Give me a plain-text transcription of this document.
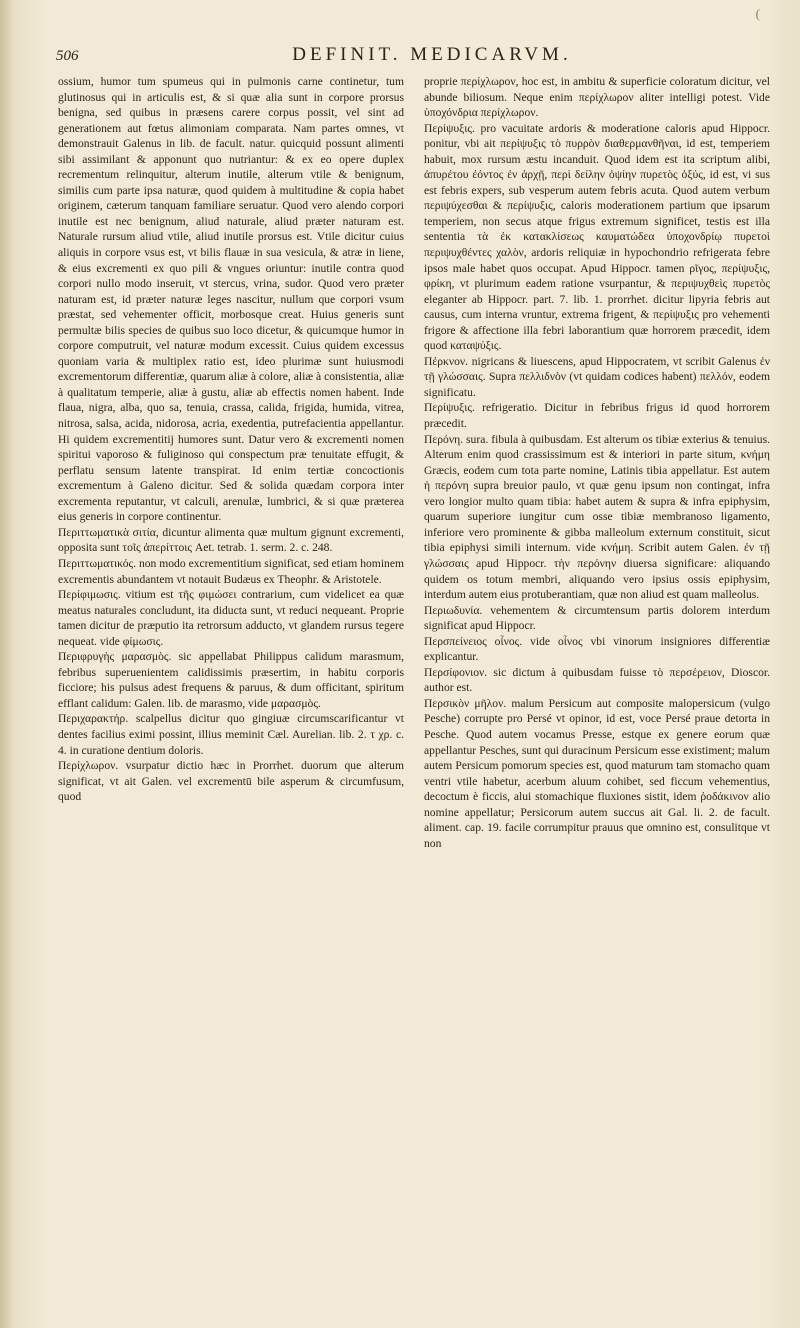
(
506	DEFINIT. MEDICARVM.

ossium, humor tum spumeus qui in pulmonis carne continetur, tum glutinosus qui in articulis est, & si quæ alia sunt in corpore prorsus benigna, sed quibus in præsens carere corpus possit, vel sint ad generationem aut fœtus alimoniam comparata. Nam partes omnes, vt demonstrauit Galenus in lib. de facult. natur. quicquid possunt alimenti sibi assimilant & apponunt quo nutriantur: & ex eo opere duplex recrementum relinquitur, alterum inutile, alterum vtile & benignum, similis cum parte ipsa naturæ, quod quidem à multitudine & copia habet originem, cæterum tanquam familiare seruatur. Quod vero alendo corpori inutile est nec benignum, aliud naturale, aliud præter naturam est. Naturale rursum aliud vtile, aliud inutile prorsus est. Vtile dicitur cuius aliquis in corpore vsus est, vt bilis flauæ in sua vesicula, & atræ in liene, & eius excrementi ex quo pili & vngues oriuntur: inutile contra quod corpori nullo modo inseruit, vt stercus, vrina, sudor. Quod vero præter naturam est, id præter naturæ leges nascitur, nullum que corpori vsum præstat, sed vehementer officit, morbosque creat. Huius generis sunt permultæ bilis species de quibus suo loco dicetur, & quicumque humor in corpore computruit, vel naturæ modum excessit. Cuius quidem excessus quoniam varia & multiplex ratio est, ideo plurimæ sunt huiusmodi excrementorum differentiæ, quarum aliæ à colore, aliæ à consistentia, aliæ à qualitatum temperie, aliæ à gustu, aliæ ab effectis nomen habent. Inde flaua, nigra, alba, quo sa, tenuia, crassa, calida, frigida, humida, vitrea, nitrosa, salsa, acida, nidorosa, acria, exedentia, putrefacientia appellantur. Hi quidem excrementitij humores sunt. Datur vero & excrementi nomen spiritui vaporoso & fuliginoso qui conspectum præ tenuitate effugit, & perflatu sensum latente transpirat. Id enim tertiæ concoctionis excrementum à Galeno dicitur. Sed & solida quædam corpora inter excrementa reputantur, vt calculi, arenulæ, lumbrici, & si quæ præterea eius generis in corpore continentur.

Περιττωματικὰ σιτία, dicuntur alimenta quæ multum gignunt excrementi, opposita sunt τοῖς ἀπερίττοις Aet. tetrab. 1. serm. 2. c. 248.

Περιττωματικός. non modo excrementitium significat, sed etiam hominem excrementis abundantem vt notauit Budæus ex Theophr. & Aristotele.

Περίφιμωσις. vitium est τῆς φιμώσει contrarium, cum videlicet ea quæ meatus naturales concludunt, ita diducta sunt, vt reduci nequeant. Proprie tamen dicitur de præputio ita retrorsum adducto, vt glandem rursus tegere nequeat. vide φίμωσις.

Περιφρυγὴς μαρασμὸς. sic appellabat Philippus calidum marasmum, febribus superuenientem calidissimis præsertim, in habitu corporis ficciore; his pulsus adest frequens & paruus, & dum officitant, spiritum efflant calidum: Galen. lib. de marasmo, vide μαρασμὸς.

Περιχαρακτήρ. scalpellus dicitur quo gingiuæ circumscarificantur vt dentes facilius eximi possint, illius meminit Cæl. Aurelian. lib. 2. τ χρ. c. 4. in curatione dentium doloris.

Περίχλωρον. vsurpatur dictio hæc in Prorrhet. duorum que alterum significat, vt ait Galen. vel excrementū bile asperum & circumfusum, quod

proprie περίχλωρον, hoc est, in ambitu & superficie coloratum dicitur, vel abunde biliosum. Neque enim περίχλωρον aliter intelligi potest. Vide ὑποχόνδρια περίχλωρον.

Περίψυξις. pro vacuitate ardoris & moderatione caloris apud Hippocr. ponitur, vbi ait περίψυξις τὸ πυρρὸν διαθερμανθῆναι, id est, temperiem habuit, mox rursum æstu incanduit. Quod idem est ita scriptum alibi, ἀπυρέτου ἐόντος ἐν ἀρχῇ, περὶ δείλην ὀψίην πυρετὸς ὀξύς, id est, vi sus est febris expers, sub vesperum autem febris acuta. Quod autem verbum περιψύχεσθαι & περίψυξις, caloris moderationem partium que ipsarum temperiem, non secus atque frigus extremum significet, testis est illa sententia τὰ ἐκ κατακλίσεως καυματώδεα ὑποχονδρίῳ πυρετοὶ περιψυχθέντες χαλὸν, ardoris reliquiæ in hypochondrio refrigerata febre ipsos male habet quos occupat. Apud Hippocr. tamen ρῖγος, περίψυξις, φρίκη, vt plurimum eadem ratione vsurpantur, & περιψυχθεὶς πυρετὸς eleganter ab Hippocr. part. 7. lib. 1. prorrhet. dicitur lipyria febris aut causus, cum interna vruntur, extrema frigent, & περίψυξις pro vehementi frigore & affectione illa febri laborantium quæ horrorem præcedit, idem quod καταψύξις.

Πέρκνον. nigricans & liuescens, apud Hippocratem, vt scribit Galenus ἐν τῇ γλώσσαις. Supra πελλιδνὸν (vt quidam codices habent) πελλόν, eodem significatu.

Περίψυξις. refrigeratio. Dicitur in febribus frigus id quod horrorem præcedit.

Περόνη. sura. fibula à quibusdam. Est alterum os tibiæ exterius & tenuius. Alterum enim quod crassissimum est & interiori in parte situm, κνήμη Græcis, eodem cum tota parte nomine, Latinis tibia appellatur. Est autem ἡ περόνη supra breuior paulo, vt quæ genu ipsum non contingat, infra vero longior multo quam tibia: habet autem & supra & infra epiphysim, quarum superiore iungitur cum osse tibiæ membranoso ligamento, inferiore vero prominente & gibba malleolum externum constituit, sicut tibia epiphysi simili internum. vide κνήμη. Scribit autem Galen. ἐν τῇ γλώσσαις apud Hippocr. τὴν περόνην diuersa significare: aliquando quidem os totum membri, aliquando vero ipsius ossis epiphysim, interdum autem eius protuberantiam, quæ non aliud est quam malleolus.

Περιωδυνία. vehementem & circumtensum partis dolorem interdum significat apud Hippocr.

Περσπείνειος οἶνος. vide οἶνος vbi vinorum insigniores differentiæ explicantur.

Περσίφονιον. sic dictum à quibusdam fuisse τὸ περσέρειον, Dioscor. author est.

Περσικὸν μῆλον. malum Persicum aut composite malopersicum (vulgo Pesche) corrupte pro Persé vt opinor, id est, voce Persé praue detorta in Pesche. Quod autem vocamus Presse, estque ex genere eorum quæ appellantur Pesches, sunt qui duracinum Persicum esse existiment; malum autem Persicum pomorum species est, quod maturum tam stomacho quam ventri vtile habetur, acerbum aluum cohibet, sed ficcum vehementius, decoctum è ficcis, alui stomachique fluxiones sistit, idem ῥοδάκινον alio nomine appellatur; Persicorum autem succus ait Gal. li. 2. de facult. aliment. cap. 19. facile corrumpitur prauus que omnino est, consulitque vt non
